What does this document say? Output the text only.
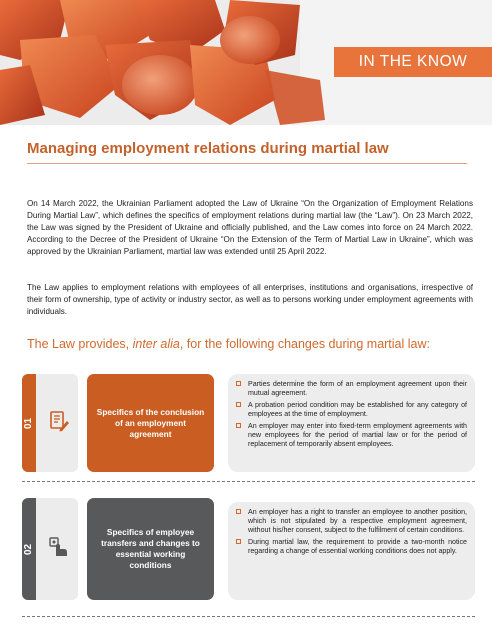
IN THE KNOW
Managing employment relations during martial law

On 14 March 2022, the Ukrainian Parliament adopted the Law of Ukraine “On the Organization of Employment Relations During Martial Law”, which defines the specifics of employment relations during martial law (the “Law”). On 23 March 2022, the Law was signed by the President of Ukraine and officially published, and the Law comes into force on 24 March 2022. According to the Decree of the President of Ukraine “On the Extension of the Term of Martial Law in Ukraine”, which was approved by the Ukrainian Parliament, martial law was extended until 25 April 2022.

The Law applies to employment relations with employees of all enterprises, institutions and organisations, irrespective of their form of ownership, type of activity or industry sector, as well as to persons working under employment agreements with individuals.

The Law provides, inter alia, for the following changes during martial law:

01
Specifics of the conclusion of an employment agreement
Parties determine the form of an employment agreement upon their mutual agreement.
A probation period condition may be established for any category of employees at the time of employment.
An employer may enter into fixed-term employment agreements with new employees for the period of martial law or for the period of replacement of temporarily absent employees.
02
Specifics of employee transfers and changes to essential working conditions
An employer has a right to transfer an employee to another position, which is not stipulated by a respective employment agreement, without his/her consent, subject to the fulfilment of certain conditions.
During martial law, the requirement to provide a two-month notice regarding a change of essential working conditions does not apply.
